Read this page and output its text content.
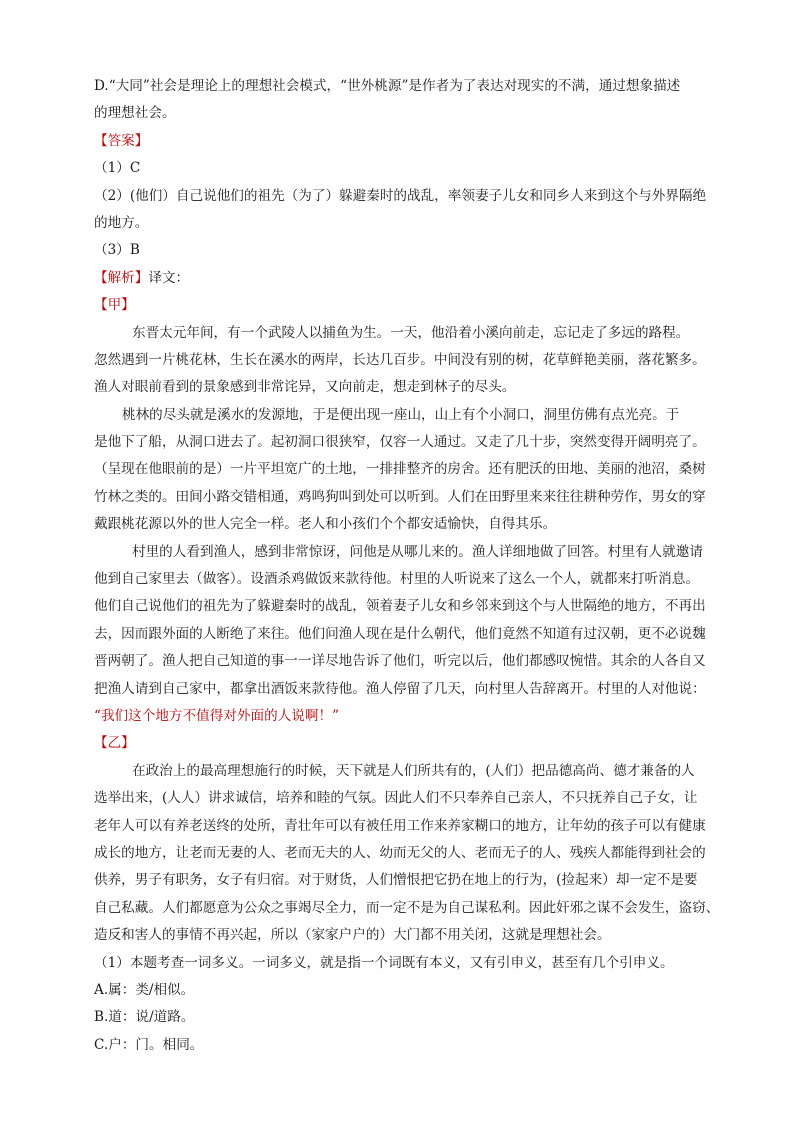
D.“大同”社会是理论上的理想社会模式，“世外桃源”是作者为了表达对现实的不满，通过想象描述
的理想社会。
【答案】
（1）C
（2）(他们）自己说他们的祖先（为了）躲避秦时的战乱，率领妻子儿女和同乡人来到这个与外界隔绝
的地方。
（3）B
【解析】译文：
【甲】
东晋太元年间，有一个武陵人以捕鱼为生。一天，他沿着小溪向前走，忘记走了多远的路程。
忽然遇到一片桃花林，生长在溪水的两岸，长达几百步。中间没有别的树，花草鲜艳美丽，落花繁多。
渔人对眼前看到的景象感到非常诧异，又向前走，想走到林子的尽头。
桃林的尽头就是溪水的发源地，于是便出现一座山，山上有个小洞口，洞里仿佛有点光亮。于
是他下了船，从洞口进去了。起初洞口很狭窄，仅容一人通过。又走了几十步，突然变得开阔明亮了。
（呈现在他眼前的是）一片平坦宽广的土地，一排排整齐的房舍。还有肥沃的田地、美丽的池沼，桑树
竹林之类的。田间小路交错相通，鸡鸣狗叫到处可以听到。人们在田野里来来往往耕种劳作，男女的穿
戴跟桃花源以外的世人完全一样。老人和小孩们个个都安适愉快，自得其乐。
村里的人看到渔人，感到非常惊讶，问他是从哪儿来的。渔人详细地做了回答。村里有人就邀请
他到自己家里去（做客）。设酒杀鸡做饭来款待他。村里的人听说来了这么一个人，就都来打听消息。
他们自己说他们的祖先为了躲避秦时的战乱，领着妻子儿女和乡邻来到这个与人世隔绝的地方，不再出
去，因而跟外面的人断绝了来往。他们问渔人现在是什么朝代，他们竟然不知道有过汉朝，更不必说魏
晋两朝了。渔人把自己知道的事一一详尽地告诉了他们，听完以后，他们都感叹惋惜。其余的人各自又
把渔人请到自己家中，都拿出酒饭来款待他。渔人停留了几天，向村里人告辞离开。村里的人对他说：
“我们这个地方不值得对外面的人说啊！”
【乙】
在政治上的最高理想施行的时候，天下就是人们所共有的，(人们）把品德高尚、德才兼备的人
选举出来，(人人）讲求诚信，培养和睦的气氛。因此人们不只奉养自己亲人，不只抚养自己子女，让
老年人可以有养老送终的处所，青壮年可以有被任用工作来养家糊口的地方，让年幼的孩子可以有健康
成长的地方，让老而无妻的人、老而无夫的人、幼而无父的人、老而无子的人、残疾人都能得到社会的
供养，男子有职务，女子有归宿。对于财货，人们憎恨把它扔在地上的行为，(捡起来）却一定不是要
自己私藏。人们都愿意为公众之事竭尽全力，而一定不是为自己谋私利。因此奸邪之谋不会发生，盗窃、
造反和害人的事情不再兴起，所以（家家户户的）大门都不用关闭，这就是理想社会。
（1）本题考查一词多义。一词多义，就是指一个词既有本义，又有引申义，甚至有几个引申义。
A.属：类/相似。
B.道：说/道路。
C.户：门。相同。
